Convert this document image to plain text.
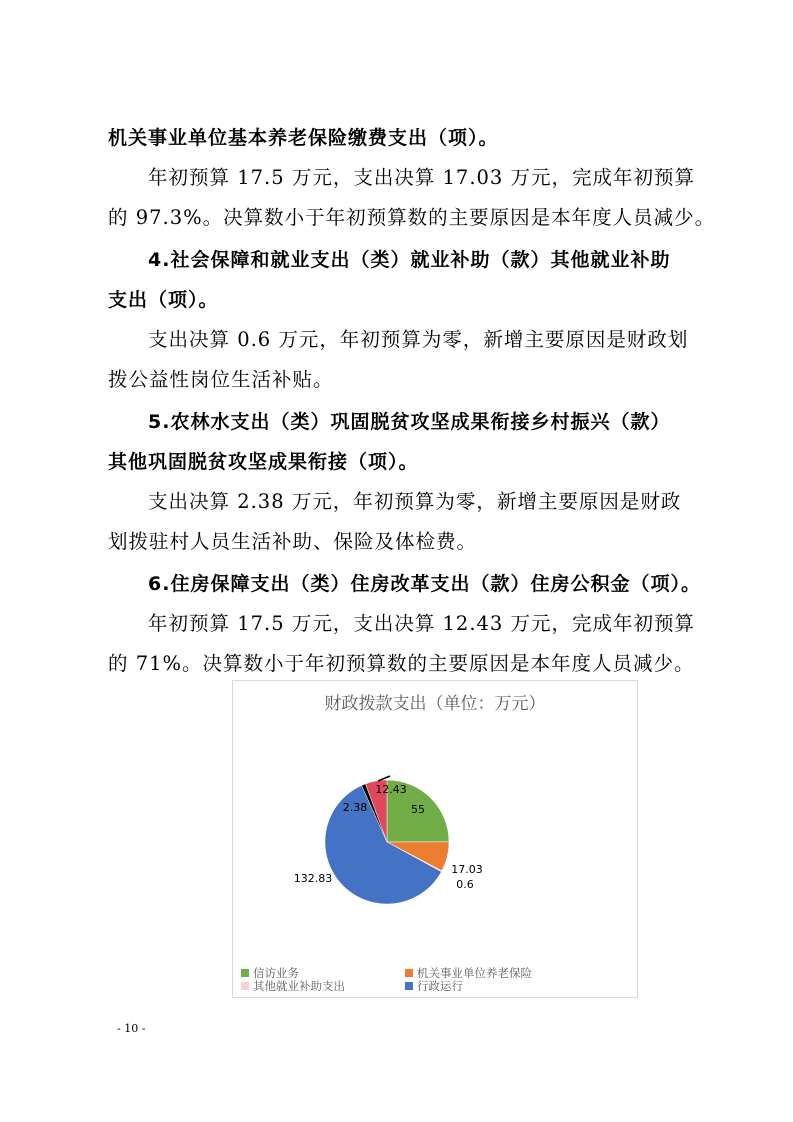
机关事业单位基本养老保险缴费支出（项）。
年初预算 17.5 万元，支出决算 17.03 万元，完成年初预算
的 97.3%。决算数小于年初预算数的主要原因是本年度人员减少。
4.社会保障和就业支出（类）就业补助（款）其他就业补助
支出（项）。
支出决算 0.6 万元，年初预算为零，新增主要原因是财政划
拨公益性岗位生活补贴。
5.农林水支出（类）巩固脱贫攻坚成果衔接乡村振兴（款）
其他巩固脱贫攻坚成果衔接（项）。
支出决算 2.38 万元，年初预算为零，新增主要原因是财政
划拨驻村人员生活补助、保险及体检费。
6.住房保障支出（类）住房改革支出（款）住房公积金（项）。
年初预算 17.5 万元，支出决算 12.43 万元，完成年初预算
的 71%。决算数小于年初预算数的主要原因是本年度人员减少。
财政拨款支出（单位：万元）
55
17.03
0.6
132.83
2.38
12.43
信访业务	机关事业单位养老保险
其他就业补助支出	行政运行
- 10 -
